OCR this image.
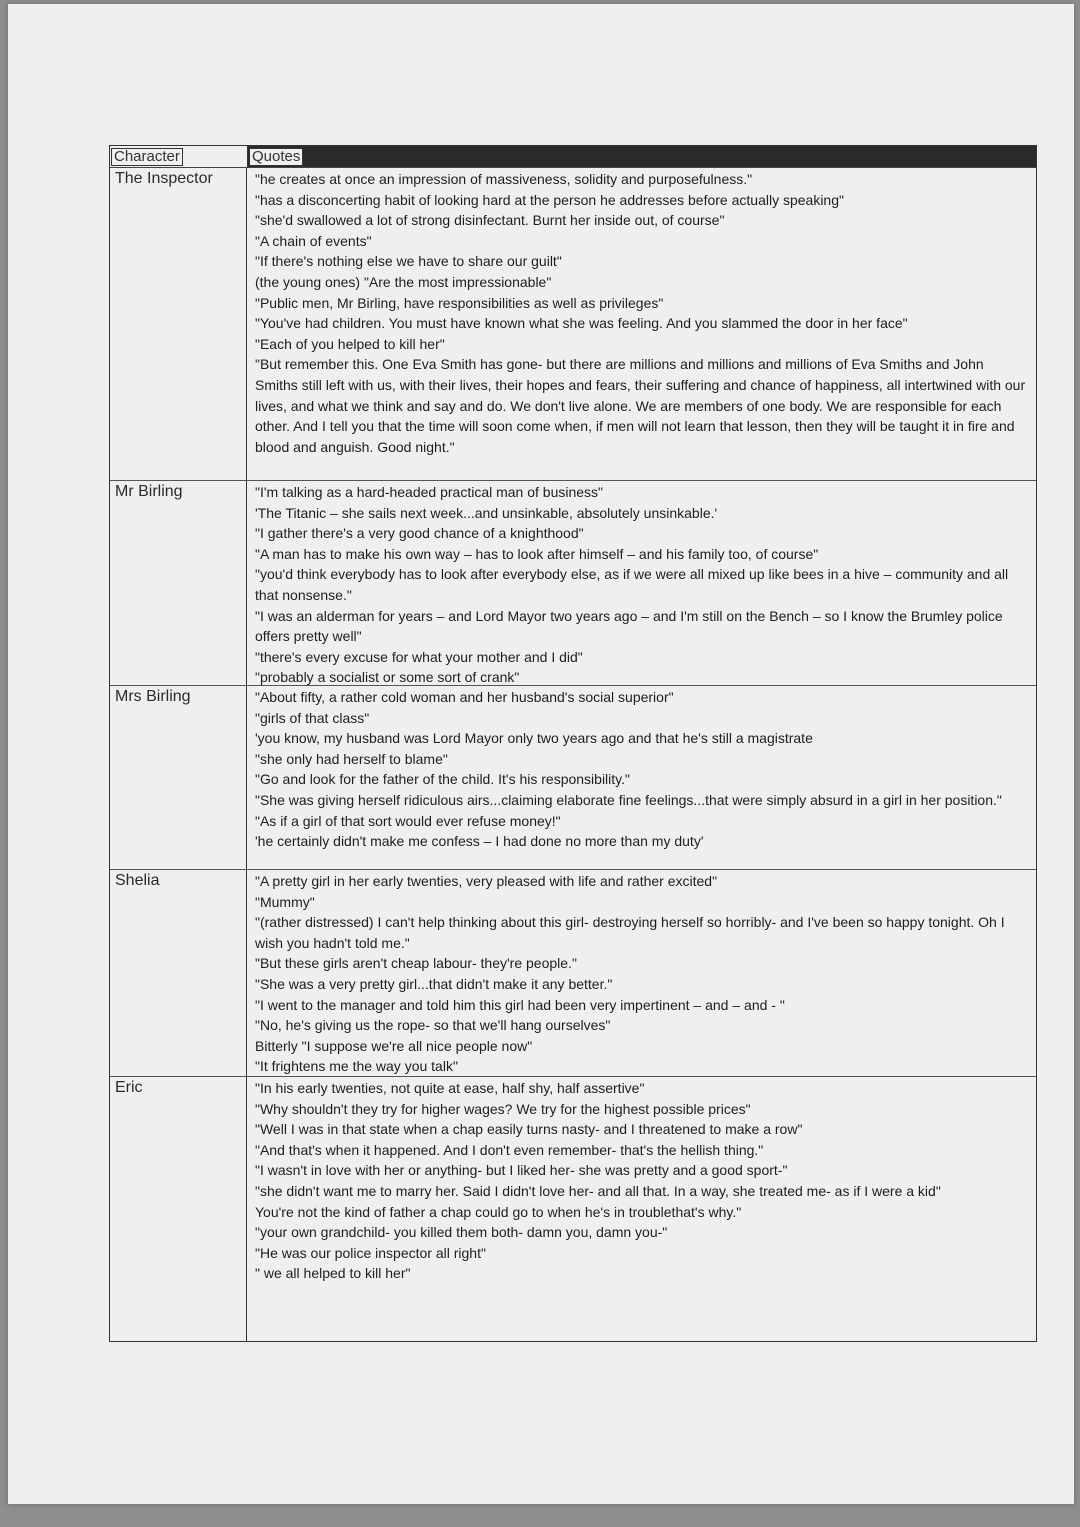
Character	Quotes
The Inspector	"he creates at once an impression of massiveness, solidity and purposefulness."

"has a disconcerting habit of looking hard at the person he addresses before actually speaking"

"she'd swallowed a lot of strong disinfectant. Burnt her inside out, of course"

"A chain of events"

"If there's nothing else we have to share our guilt"

(the young ones) "Are the most impressionable"

"Public men, Mr Birling, have responsibilities as well as privileges"

"You've had children. You must have known what she was feeling. And you slammed the door in her face"

"Each of you helped to kill her"

"But remember this. One Eva Smith has gone- but there are millions and millions and millions of Eva Smiths and John Smiths still left with us, with their lives, their hopes and fears, their suffering and chance of happiness, all intertwined with our lives, and what we think and say and do. We don't live alone. We are members of one body. We are responsible for each other. And I tell you that the time will soon come when, if men will not learn that lesson, then they will be taught it in fire and blood and anguish. Good night."

Mr Birling	"I'm talking as a hard-headed practical man of business"

'The Titanic – she sails next week...and unsinkable, absolutely unsinkable.'

"I gather there's a very good chance of a knighthood"

"A man has to make his own way – has to look after himself – and his family too, of course"

"you'd think everybody has to look after everybody else, as if we were all mixed up like bees in a hive – community and all that nonsense."

"I was an alderman for years – and Lord Mayor two years ago – and I'm still on the Bench – so I know the Brumley police offers pretty well"

"there's every excuse for what your mother and I did"

"probably a socialist or some sort of crank"

Mrs Birling	"About fifty, a rather cold woman and her husband's social superior"

"girls of that class"

'you know, my husband was Lord Mayor only two years ago and that he's still a magistrate

"she only had herself to blame"

"Go and look for the father of the child. It's his responsibility."

"She was giving herself ridiculous airs...claiming elaborate fine feelings...that were simply absurd in a girl in her position."

"As if a girl of that sort would ever refuse money!"

'he certainly didn't make me confess – I had done no more than my duty'

Shelia	"A pretty girl in her early twenties, very pleased with life and rather excited"

"Mummy"

"(rather distressed) I can't help thinking about this girl- destroying herself so horribly- and I've been so happy tonight. Oh I wish you hadn't told me."

"But these girls aren't cheap labour- they're people."

"She was a very pretty girl...that didn't make it any better."

"I went to the manager and told him this girl had been very impertinent – and – and - "

"No, he's giving us the rope- so that we'll hang ourselves"

Bitterly "I suppose we're all nice people now"

"It frightens me the way you talk"

Eric	"In his early twenties, not quite at ease, half shy, half assertive"

"Why shouldn't they try for higher wages? We try for the highest possible prices"

"Well I was in that state when a chap easily turns nasty- and I threatened to make a row"

"And that's when it happened. And I don't even remember- that's the hellish thing."

"I wasn't in love with her or anything- but I liked her- she was pretty and a good sport-"

"she didn't want me to marry her. Said I didn't love her- and all that. In a way, she treated me- as if I were a kid"

You're not the kind of father a chap could go to when he's in troublethat's why."

"your own grandchild- you killed them both- damn you, damn you-"

"He was our police inspector all right"

" we all helped to kill her"
